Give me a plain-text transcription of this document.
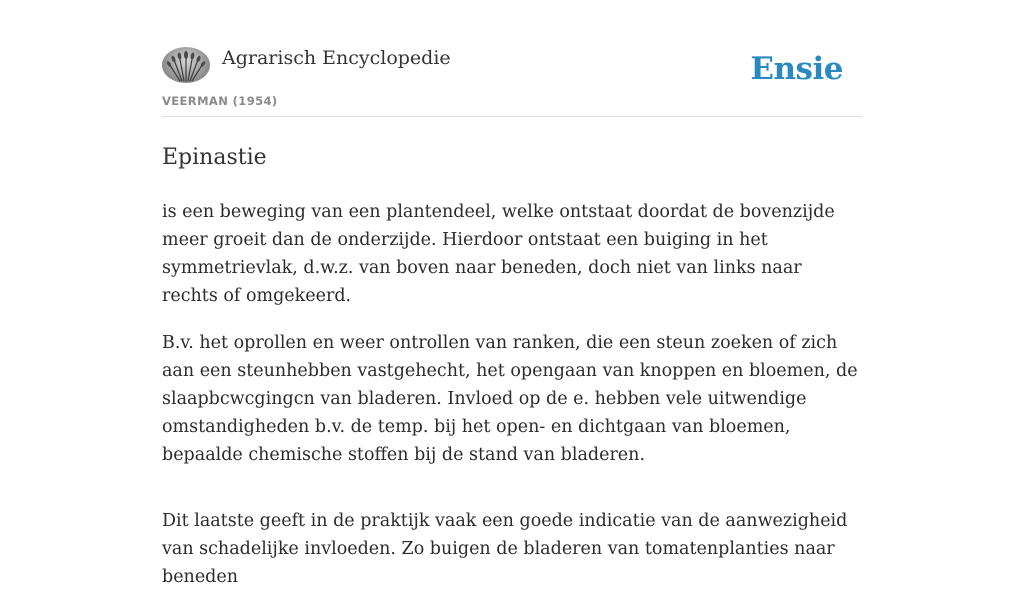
Agrarisch Encyclopedie
VEERMAN (1954)
Ensie
Epinastie

is een beweging van een plantendeel, welke ontstaat doordat de bovenzijde meer groeit dan de onderzijde. Hierdoor ontstaat een buiging in het symmetrievlak, d.w.z. van boven naar beneden, doch niet van links naar rechts of omgekeerd.

B.v. het oprollen en weer ontrollen van ranken, die een steun zoeken of zich aan een steunhebben vastgehecht, het opengaan van knoppen en bloemen, de slaapbcwcgingcn van bladeren. Invloed op de e. hebben vele uitwendige omstandigheden b.v. de temp. bij het open- en dichtgaan van bloemen, bepaalde chemische stoffen bij de stand van bladeren.

Dit laatste geeft in de praktijk vaak een goede indicatie van de aanwezigheid van schadelijke invloeden. Zo buigen de bladeren van tomatenplanties naar beneden
